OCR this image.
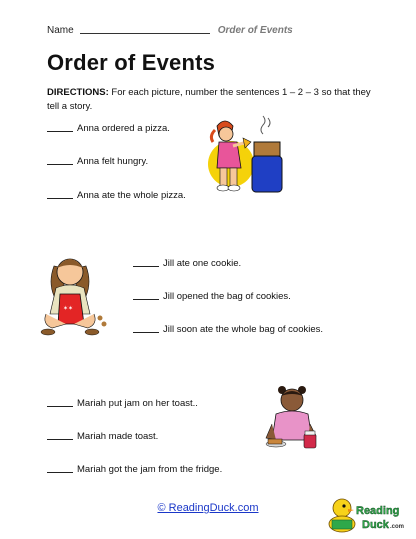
Name	Order of Events
Order of Events
DIRECTIONS: For each picture, number the sentences 1 – 2 – 3 so that they tell a story.
Anna ordered a pizza.
Anna felt hungry.
Anna ate the whole pizza.
✶✶
Jill ate one cookie.
Jill opened the bag of cookies.
Jill soon ate the whole bag of cookies.
Mariah put jam on her toast..
Mariah made toast.
Mariah got the jam from the fridge.
© ReadingDuck.com	Reading
Duck .com
